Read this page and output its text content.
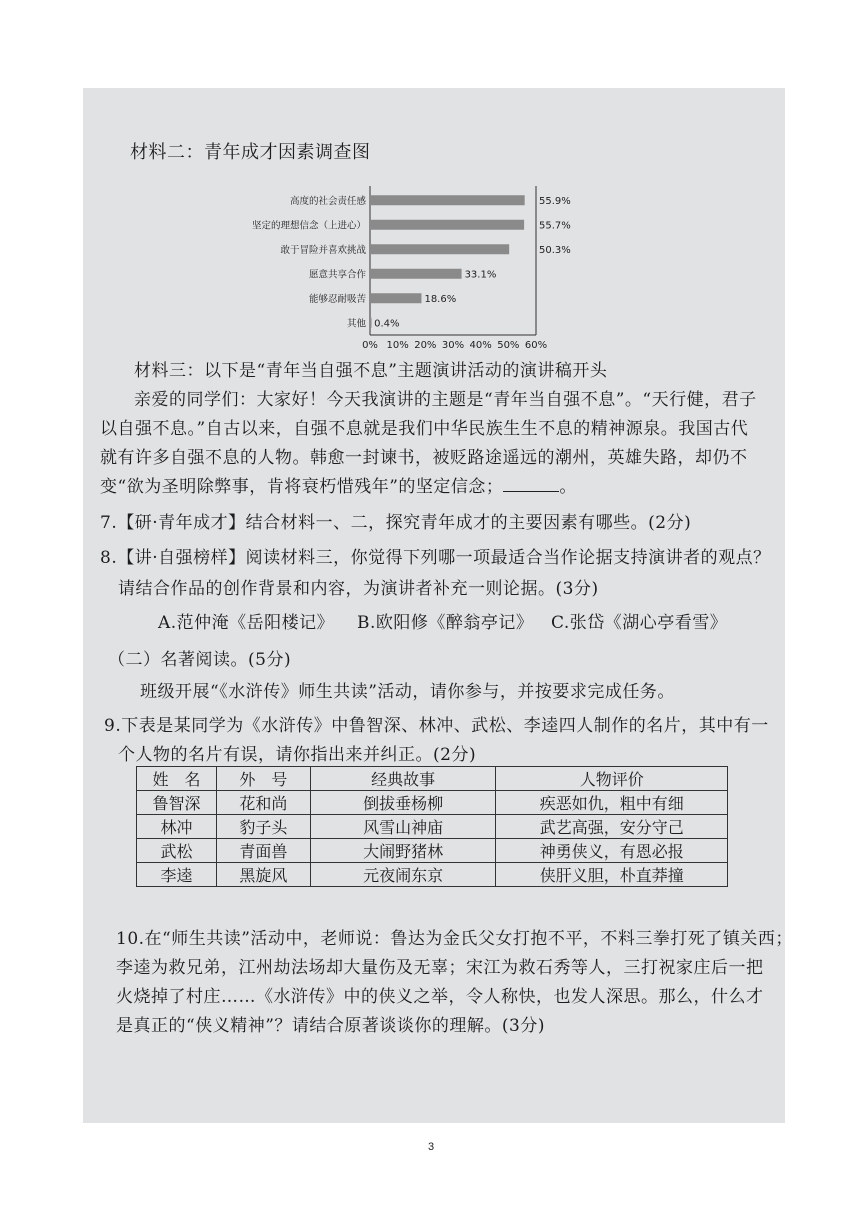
材料二：青年成才因素调查图
高度的社会责任感	55.9%
坚定的理想信念（上进心）	55.7%
敢于冒险并喜欢挑战	50.3%
愿意共享合作	33.1%
能够忍耐吸苦	18.6%
其他 0.4%
0% 10% 20% 30% 40% 50% 60%
材料三：以下是“青年当自强不息”主题演讲活动的演讲稿开头
亲爱的同学们：大家好！今天我演讲的主题是“青年当自强不息”。“天行健，君子
以自强不息。”自古以来，自强不息就是我们中华民族生生不息的精神源泉。我国古代
就有许多自强不息的人物。韩愈一封谏书，被贬路途遥远的潮州，英雄失路，却仍不
变“欲为圣明除弊事，肯将衰朽惜残年”的坚定信念；	。
7.【研·青年成才】结合材料一、二，探究青年成才的主要因素有哪些。(2分)
8.【讲·自强榜样】阅读材料三，你觉得下列哪一项最适合当作论据支持演讲者的观点？
请结合作品的创作背景和内容，为演讲者补充一则论据。(3分)
A.范仲淹《岳阳楼记》 B.欧阳修《醉翁亭记》 C.张岱《湖心亭看雪》
（二）名著阅读。(5分)
班级开展“《水浒传》师生共读”活动，请你参与，并按要求完成任务。
9.下表是某同学为《水浒传》中鲁智深、林冲、武松、李逵四人制作的名片，其中有一
个人物的名片有误，请你指出来并纠正。(2分)
姓　名	外　号	经典故事	人物评价
鲁智深	花和尚	倒拔垂杨柳	疾恶如仇，粗中有细
林冲	豹子头	风雪山神庙	武艺高强，安分守己
武松	青面兽	大闹野猪林	神勇侠义，有恩必报
李逵	黑旋风	元夜闹东京	侠肝义胆，朴直莽撞
10.在“师生共读”活动中，老师说：鲁达为金氏父女打抱不平，不料三拳打死了镇关西；
李逵为救兄弟，江州劫法场却大量伤及无辜；宋江为救石秀等人，三打祝家庄后一把
火烧掉了村庄……《水浒传》中的侠义之举，令人称快，也发人深思。那么，什么才
是真正的“侠义精神”？请结合原著谈谈你的理解。(3分)
3
